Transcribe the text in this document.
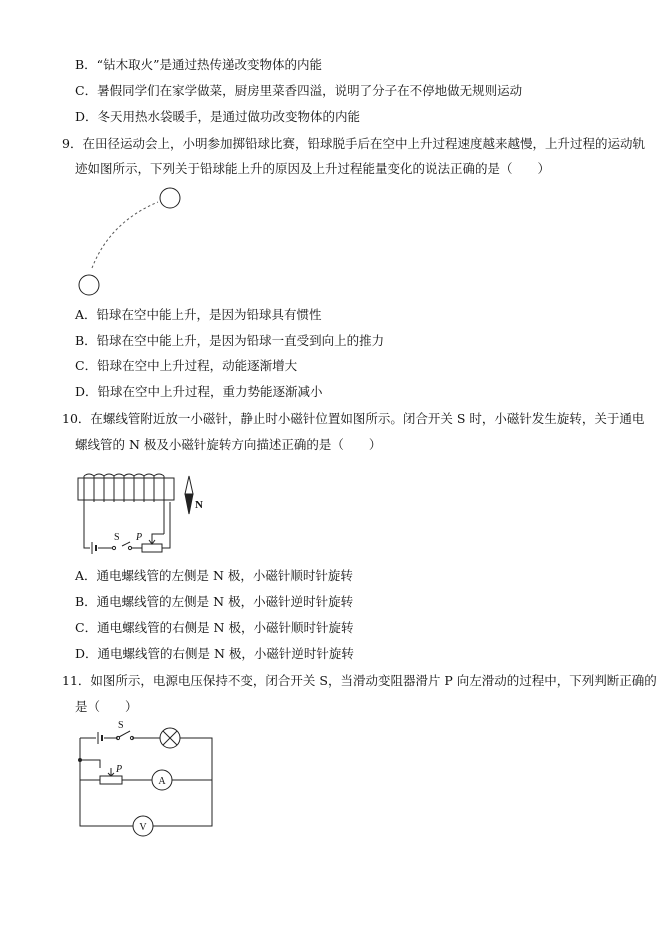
B．“钻木取火”是通过热传递改变物体的内能
C．暑假同学们在家学做菜，厨房里菜香四溢，说明了分子在不停地做无规则运动
D．冬天用热水袋暖手，是通过做功改变物体的内能
9．在田径运动会上，小明参加掷铅球比赛，铅球脱手后在空中上升过程速度越来越慢，上升过程的运动轨
迹如图所示，下列关于铅球能上升的原因及上升过程能量变化的说法正确的是（　　）
A．铅球在空中能上升，是因为铅球具有惯性
B．铅球在空中能上升，是因为铅球一直受到向上的推力
C．铅球在空中上升过程，动能逐渐增大
D．铅球在空中上升过程，重力势能逐渐减小
10．在螺线管附近放一小磁针，静止时小磁针位置如图所示。闭合开关 S 时，小磁针发生旋转，关于通电
螺线管的 N 极及小磁针旋转方向描述正确的是（　　）
S P
N
A．通电螺线管的左侧是 N 极，小磁针顺时针旋转
B．通电螺线管的左侧是 N 极，小磁针逆时针旋转
C．通电螺线管的右侧是 N 极，小磁针顺时针旋转
D．通电螺线管的右侧是 N 极，小磁针逆时针旋转
11．如图所示，电源电压保持不变，闭合开关 S，当滑动变阻器滑片 P 向左滑动的过程中，下列判断正确的
是（　　）
S
P
A
V
